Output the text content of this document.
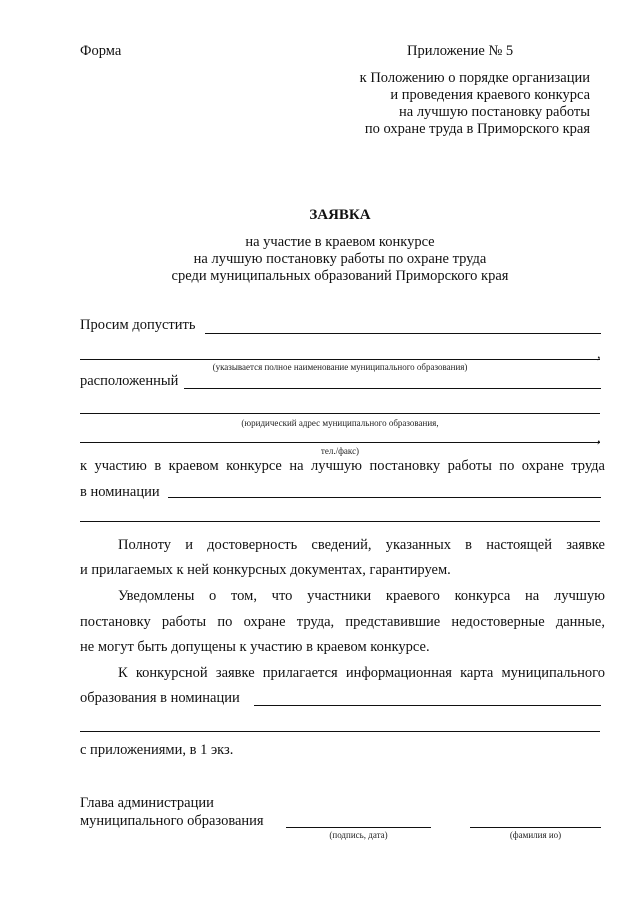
Форма	Приложение № 5
к Положению о порядке организации
и проведения краевого конкурса
на лучшую постановку работы
по охране труда в Приморского края
ЗАЯВКА
на участие в краевом конкурсе
на лучшую постановку работы по охране труда
среди муниципальных образований Приморского края
Просим допустить
,
(указывается полное наименование муниципального образования)
расположенный
(юридический адрес муниципального образования,
,
тел./факс)
к участию в краевом конкурсе на лучшую постановку работы по охране труда
в номинации
Полноту и достоверность сведений, указанных в настоящей заявке
и прилагаемых к ней конкурсных документах, гарантируем.
Уведомлены о том, что участники краевого конкурса на лучшую
постановку работы по охране труда, представившие недостоверные данные,
не могут быть допущены к участию в краевом конкурсе.
К конкурсной заявке прилагается информационная карта муниципального
образования в номинации
с приложениями, в 1 экз.
Глава администрации
муниципального образования
(подпись, дата)	(фамилия ио)
